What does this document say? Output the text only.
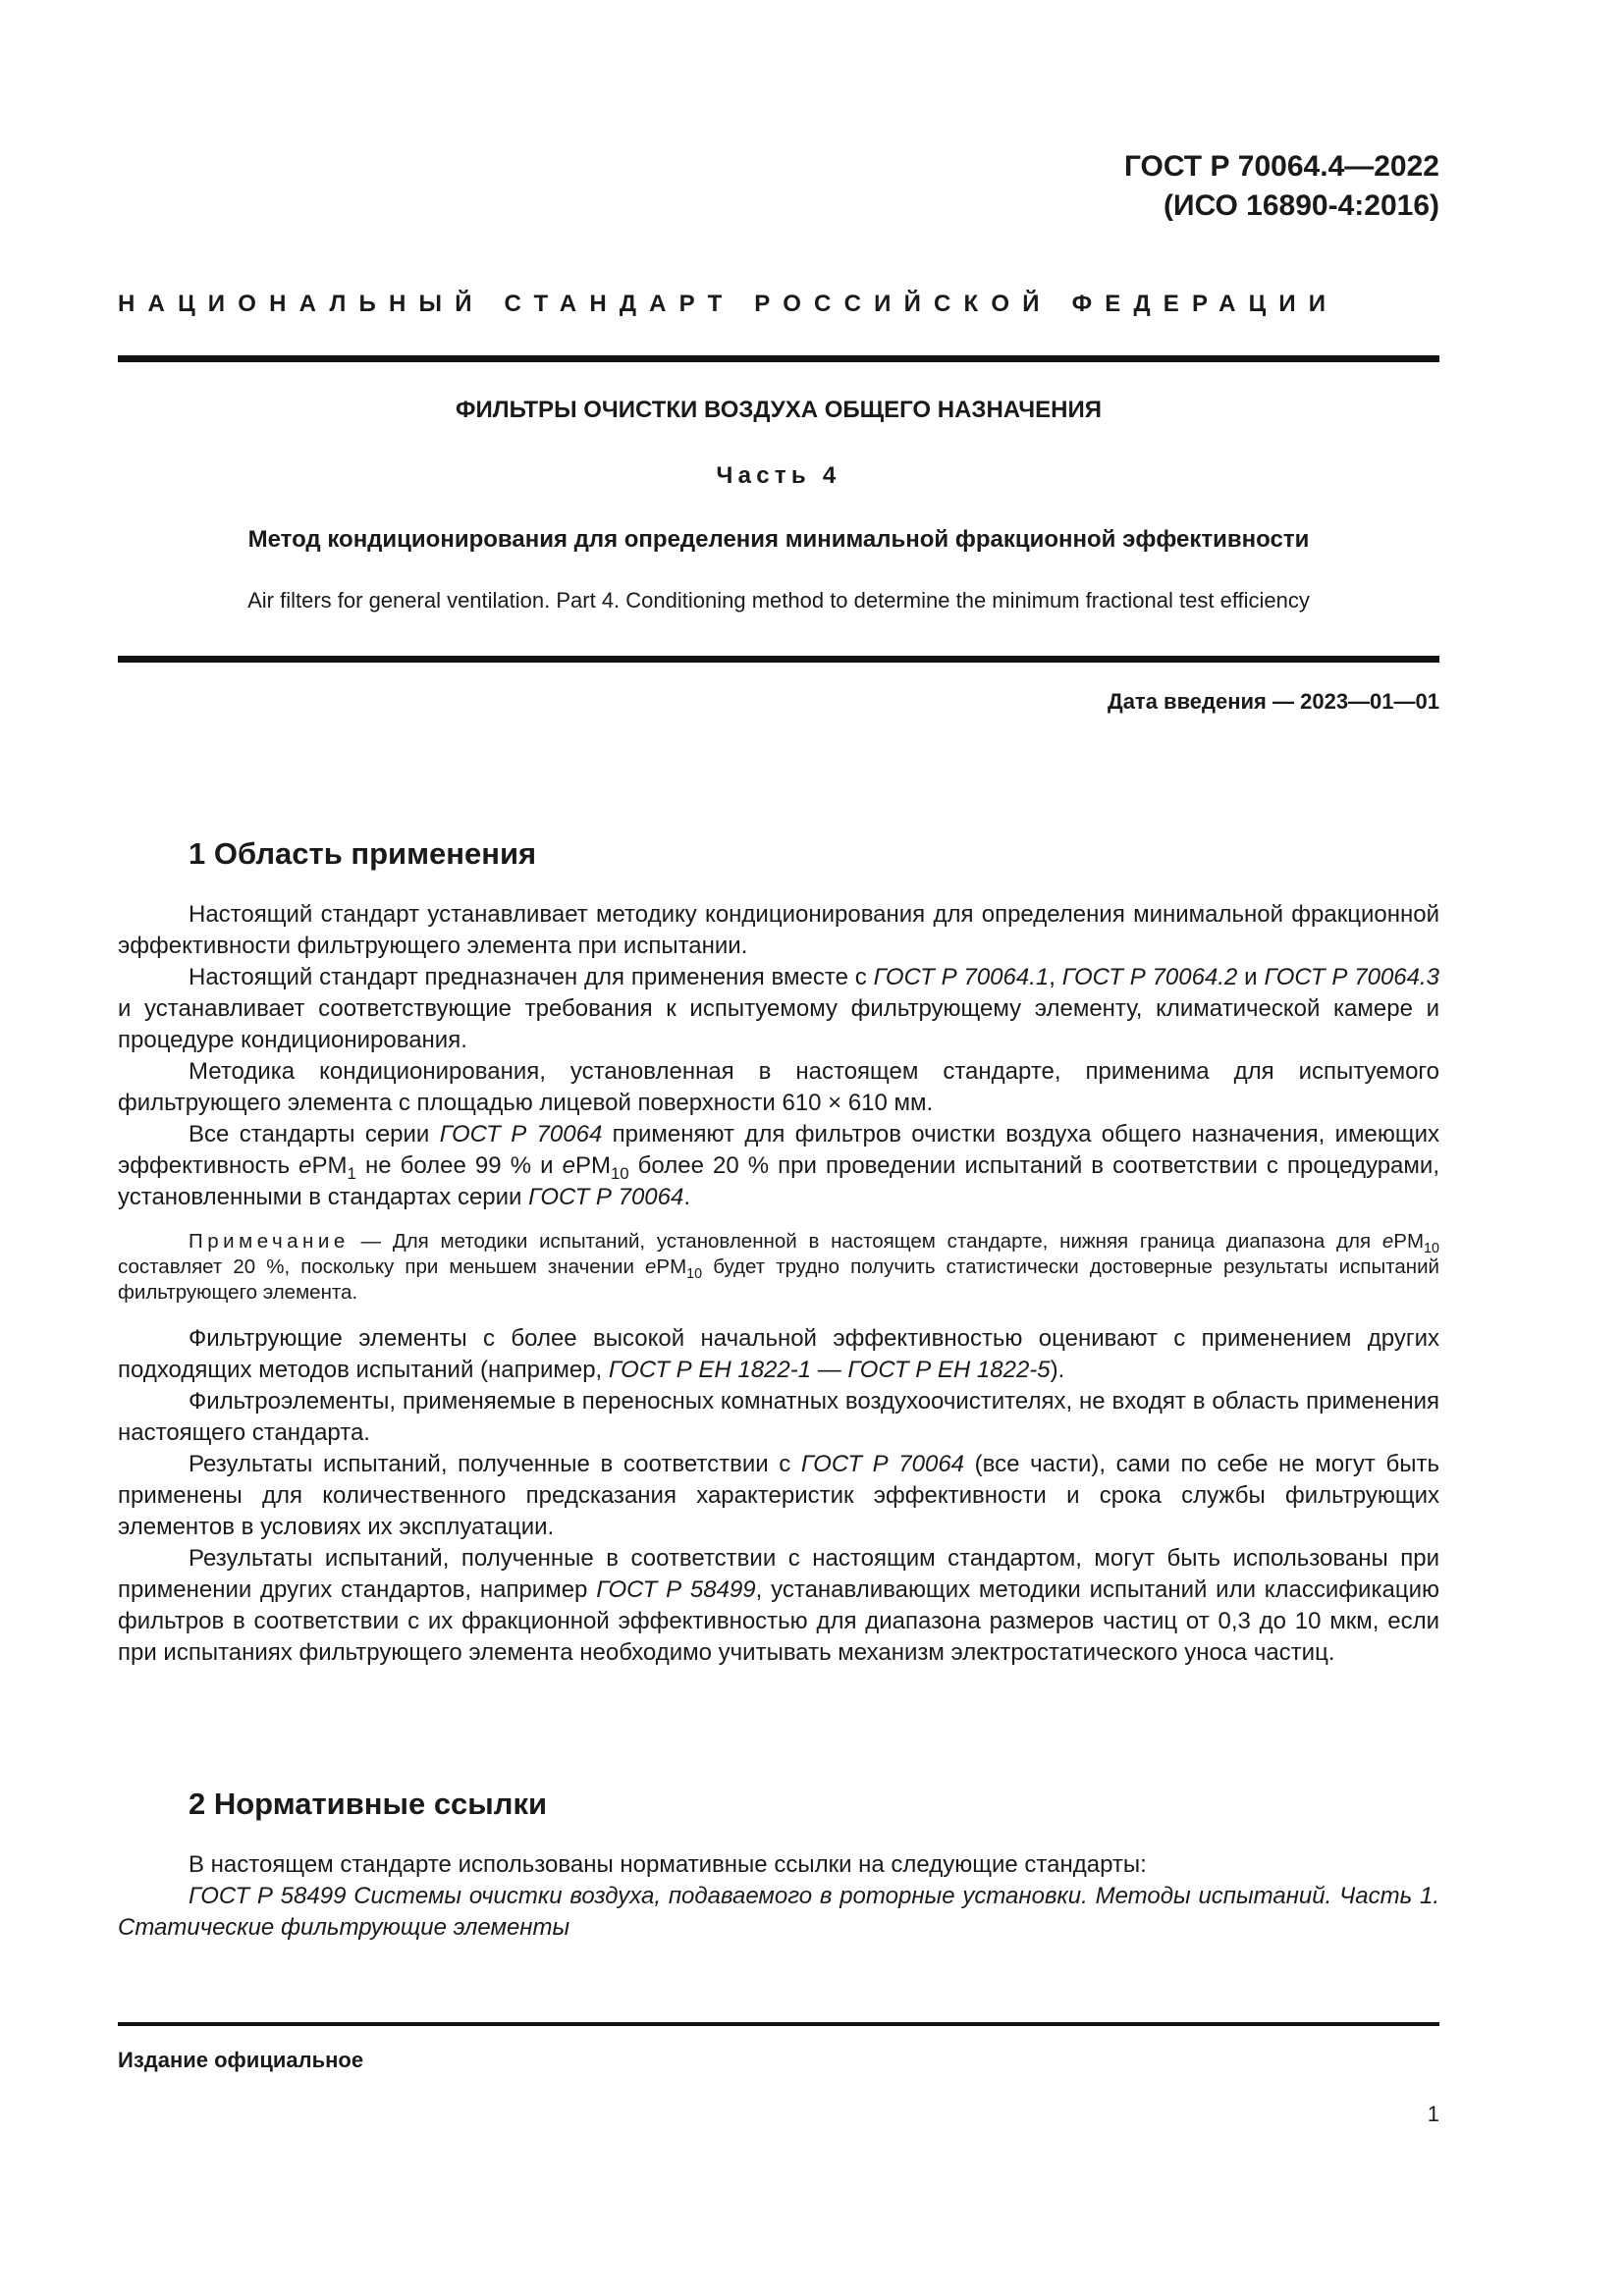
ГОСТ Р 70064.4—2022
(ИСО 16890-4:2016)
НАЦИОНАЛЬНЫЙ СТАНДАРТ РОССИЙСКОЙ ФЕДЕРАЦИИ
ФИЛЬТРЫ ОЧИСТКИ ВОЗДУХА ОБЩЕГО НАЗНАЧЕНИЯ
Часть 4
Метод кондиционирования для определения минимальной фракционной эффективности
Air filters for general ventilation. Part 4. Conditioning method to determine the minimum fractional test efficiency
Дата введения — 2023—01—01
1 Область применения

Настоящий стандарт устанавливает методику кондиционирования для определения минимальной фракционной эффективности фильтрующего элемента при испытании.

Настоящий стандарт предназначен для применения вместе с ГОСТ Р 70064.1, ГОСТ Р 70064.2 и ГОСТ Р 70064.3 и устанавливает соответствующие требования к испытуемому фильтрующему элементу, климатической камере и процедуре кондиционирования.

Методика кондиционирования, установленная в настоящем стандарте, применима для испытуемого фильтрующего элемента с площадью лицевой поверхности 610 × 610 мм.

Все стандарты серии ГОСТ Р 70064 применяют для фильтров очистки воздуха общего назначения, имеющих эффективность ePM$_1$ не более 99 % и ePM$_{10}$ более 20 % при проведении испытаний в соответствии с процедурами, установленными в стандартах серии ГОСТ Р 70064.

Примечание — Для методики испытаний, установленной в настоящем стандарте, нижняя граница диапазона для ePM$_{10}$ составляет 20 %, поскольку при меньшем значении ePM$_{10}$ будет трудно получить статистически достоверные результаты испытаний фильтрующего элемента.

Фильтрующие элементы с более высокой начальной эффективностью оценивают с применением других подходящих методов испытаний (например, ГОСТ Р ЕН 1822-1 — ГОСТ Р ЕН 1822-5).

Фильтроэлементы, применяемые в переносных комнатных воздухоочистителях, не входят в область применения настоящего стандарта.

Результаты испытаний, полученные в соответствии с ГОСТ Р 70064 (все части), сами по себе не могут быть применены для количественного предсказания характеристик эффективности и срока службы фильтрующих элементов в условиях их эксплуатации.

Результаты испытаний, полученные в соответствии с настоящим стандартом, могут быть использованы при применении других стандартов, например ГОСТ Р 58499, устанавливающих методики испытаний или классификацию фильтров в соответствии с их фракционной эффективностью для диапазона размеров частиц от 0,3 до 10 мкм, если при испытаниях фильтрующего элемента необходимо учитывать механизм электростатического уноса частиц.

2 Нормативные ссылки

В настоящем стандарте использованы нормативные ссылки на следующие стандарты:

ГОСТ Р 58499 Системы очистки воздуха, подаваемого в роторные установки. Методы испытаний. Часть 1. Статические фильтрующие элементы

Издание официальное
1
